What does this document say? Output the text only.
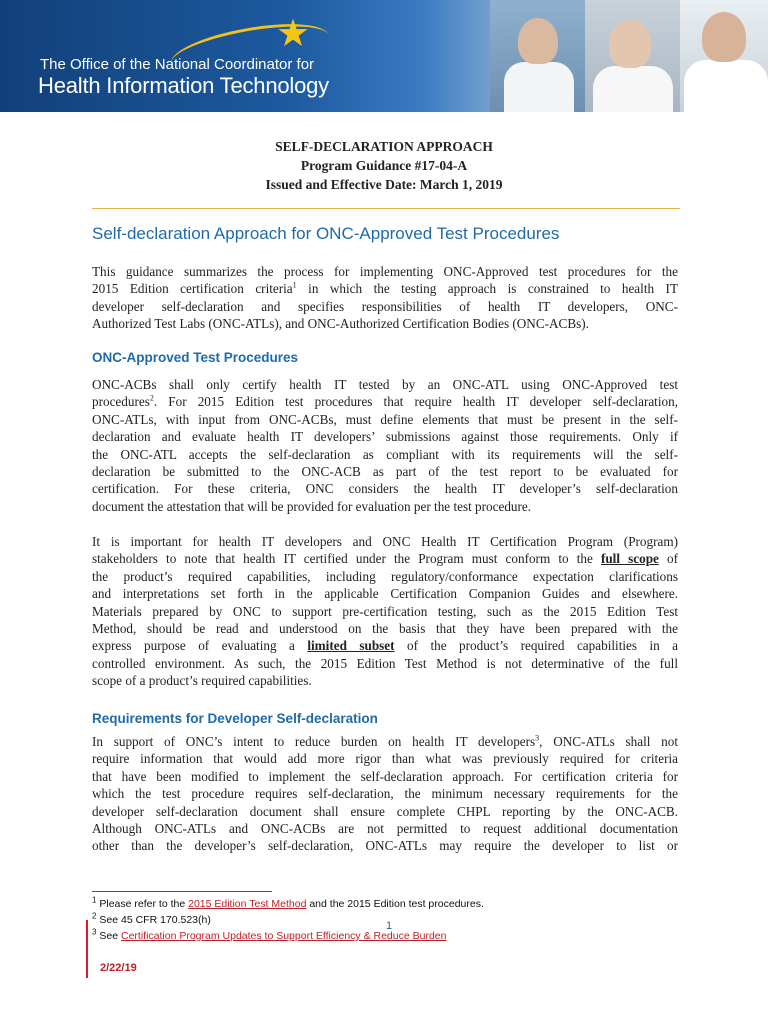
★
The Office of the National Coordinator for
Health Information Technology
SELF-DECLARATION APPROACH
Program Guidance #17-04-A
Issued and Effective Date: March 1, 2019
Self-declaration Approach for ONC-Approved Test Procedures
This guidance summarizes the process for implementing ONC-Approved test procedures for the
2015 Edition certification criteria$^1$ in which the testing approach is constrained to health IT
developer self-declaration and specifies responsibilities of health IT developers, ONC-
Authorized Test Labs (ONC-ATLs), and ONC-Authorized Certification Bodies (ONC-ACBs).
ONC-Approved Test Procedures
ONC-ACBs shall only certify health IT tested by an ONC-ATL using ONC-Approved test
procedures$^2$. For 2015 Edition test procedures that require health IT developer self-declaration,
ONC-ATLs, with input from ONC-ACBs, must define elements that must be present in the self-
declaration and evaluate health IT developers’ submissions against those requirements. Only if
the ONC-ATL accepts the self-declaration as compliant with its requirements will the self-
declaration be submitted to the ONC-ACB as part of the test report to be evaluated for
certification. For these criteria, ONC considers the health IT developer’s self-declaration
document the attestation that will be provided for evaluation per the test procedure.
It is important for health IT developers and ONC Health IT Certification Program (Program)
stakeholders to note that health IT certified under the Program must conform to the full scope of
the product’s required capabilities, including regulatory/conformance expectation clarifications
and interpretations set forth in the applicable Certification Companion Guides and elsewhere.
Materials prepared by ONC to support pre-certification testing, such as the 2015 Edition Test
Method, should be read and understood on the basis that they have been prepared with the
express purpose of evaluating a limited subset of the product’s required capabilities in a
controlled environment. As such, the 2015 Edition Test Method is not determinative of the full
scope of a product’s required capabilities.
Requirements for Developer Self-declaration
In support of ONC’s intent to reduce burden on health IT developers$^3$, ONC-ATLs shall not
require information that would add more rigor than what was previously required for criteria
that have been modified to implement the self-declaration approach. For certification criteria for
which the test procedure requires self-declaration, the minimum necessary requirements for the
developer self-declaration document shall ensure complete CHPL reporting by the ONC-ACB.
Although ONC-ATLs and ONC-ACBs are not permitted to request additional documentation
other than the developer’s self-declaration, ONC-ATLs may require the developer to list or
$^1$ Please refer to the 2015 Edition Test Method and the 2015 Edition test procedures.
$^2$ See 45 CFR 170.523(h)
$^3$ See Certification Program Updates to Support Efficiency & Reduce Burden
1
2/22/19
